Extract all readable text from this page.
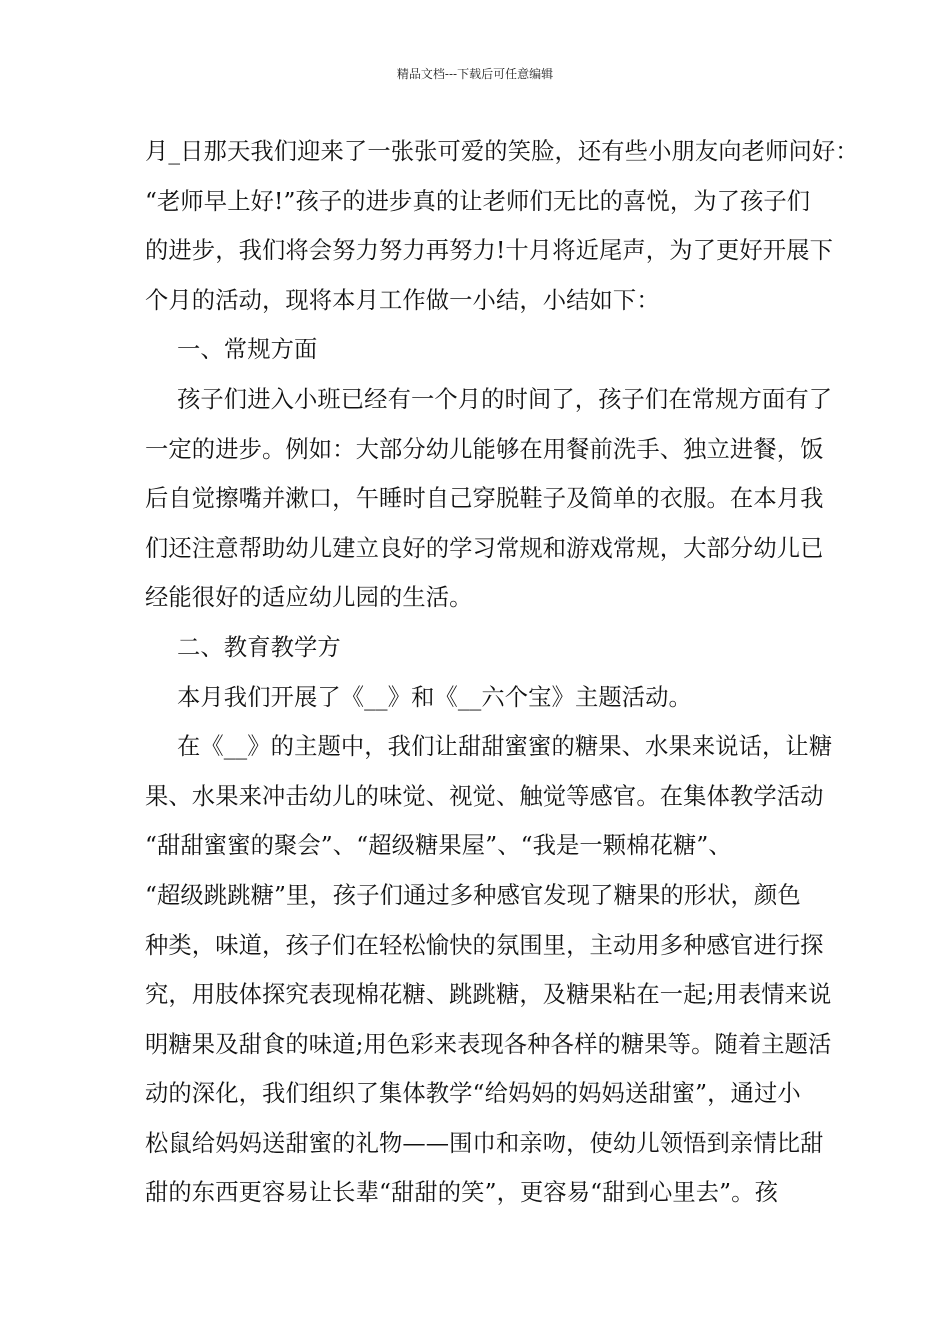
精品文档---下载后可任意编辑

月_日那天我们迎来了一张张可爱的笑脸，还有些小朋友向老师问好：
“老师早上好!”孩子的进步真的让老师们无比的喜悦，为了孩子们
的进步，我们将会努力努力再努力!十月将近尾声，为了更好开展下
个月的活动，现将本月工作做一小结，小结如下：
一、常规方面
孩子们进入小班已经有一个月的时间了，孩子们在常规方面有了
一定的进步。例如：大部分幼儿能够在用餐前洗手、独立进餐，饭
后自觉擦嘴并漱口，午睡时自己穿脱鞋子及简单的衣服。在本月我
们还注意帮助幼儿建立良好的学习常规和游戏常规，大部分幼儿已
经能很好的适应幼儿园的生活。
二、教育教学方
本月我们开展了《__》和《__六个宝》主题活动。
在《__》的主题中，我们让甜甜蜜蜜的糖果、水果来说话，让糖
果、水果来冲击幼儿的味觉、视觉、触觉等感官。在集体教学活动
“甜甜蜜蜜的聚会”、“超级糖果屋”、“我是一颗棉花糖”、
“超级跳跳糖”里，孩子们通过多种感官发现了糖果的形状，颜色
种类，味道，孩子们在轻松愉快的氛围里，主动用多种感官进行探
究，用肢体探究表现棉花糖、跳跳糖，及糖果粘在一起;用表情来说
明糖果及甜食的味道;用色彩来表现各种各样的糖果等。随着主题活
动的深化，我们组织了集体教学“给妈妈的妈妈送甜蜜”，通过小
松鼠给妈妈送甜蜜的礼物——围巾和亲吻，使幼儿领悟到亲情比甜
甜的东西更容易让长辈“甜甜的笑”，更容易“甜到心里去”。孩
